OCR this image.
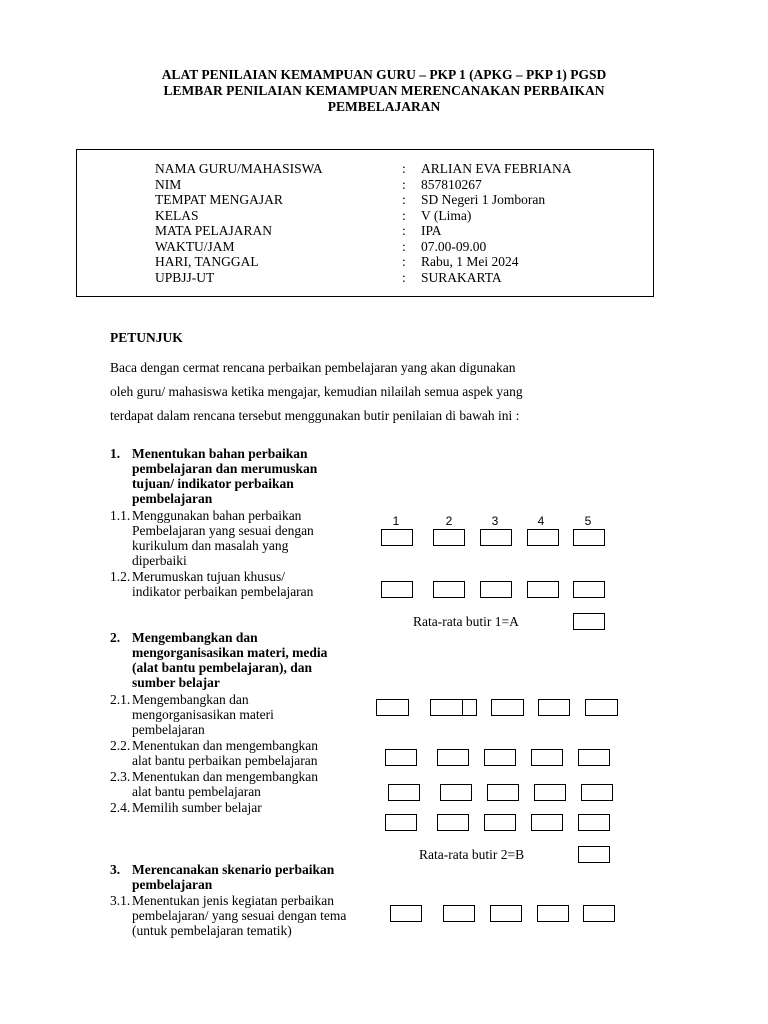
ALAT PENILAIAN KEMAMPUAN GURU – PKP 1 (APKG – PKP 1) PGSD
LEMBAR PENILAIAN KEMAMPUAN MERENCANAKAN PERBAIKAN
PEMBELAJARAN
NAMA GURU/MAHASISWA	: ARLIAN EVA FEBRIANA
NIM	: 857810267
TEMPAT MENGAJAR	: SD Negeri 1 Jomboran
KELAS	: V (Lima)
MATA PELAJARAN	: IPA
WAKTU/JAM	: 07.00-09.00
HARI, TANGGAL	: Rabu, 1 Mei 2024
UPBJJ-UT	: SURAKARTA
PETUNJUK
Baca dengan cermat rencana perbaikan pembelajaran yang akan digunakan
oleh guru/ mahasiswa ketika mengajar, kemudian nilailah semua aspek yang
terdapat dalam rencana tersebut menggunakan butir penilaian di bawah ini :
1. Menentukan bahan perbaikan
pembelajaran dan merumuskan
tujuan/ indikator perbaikan
pembelajaran
1.1. Menggunakan bahan perbaikan
Pembelajaran yang sesuai dengan
kurikulum dan masalah yang
diperbaiki
1	2	3	4	5
1.2. Merumuskan tujuan khusus/
indikator perbaikan pembelajaran
Rata-rata butir 1=A
2. Mengembangkan dan
mengorganisasikan materi, media
(alat bantu pembelajaran), dan
sumber belajar
2.1. Mengembangkan dan
mengorganisasikan materi
pembelajaran
2.2. Menentukan dan mengembangkan
alat bantu perbaikan pembelajaran
2.3. Menentukan dan mengembangkan
alat bantu pembelajaran
2.4. Memilih sumber belajar
Rata-rata butir 2=B
3. Merencanakan skenario perbaikan
pembelajaran
3.1. Menentukan jenis kegiatan perbaikan
pembelajaran/ yang sesuai dengan tema
(untuk pembelajaran tematik)
